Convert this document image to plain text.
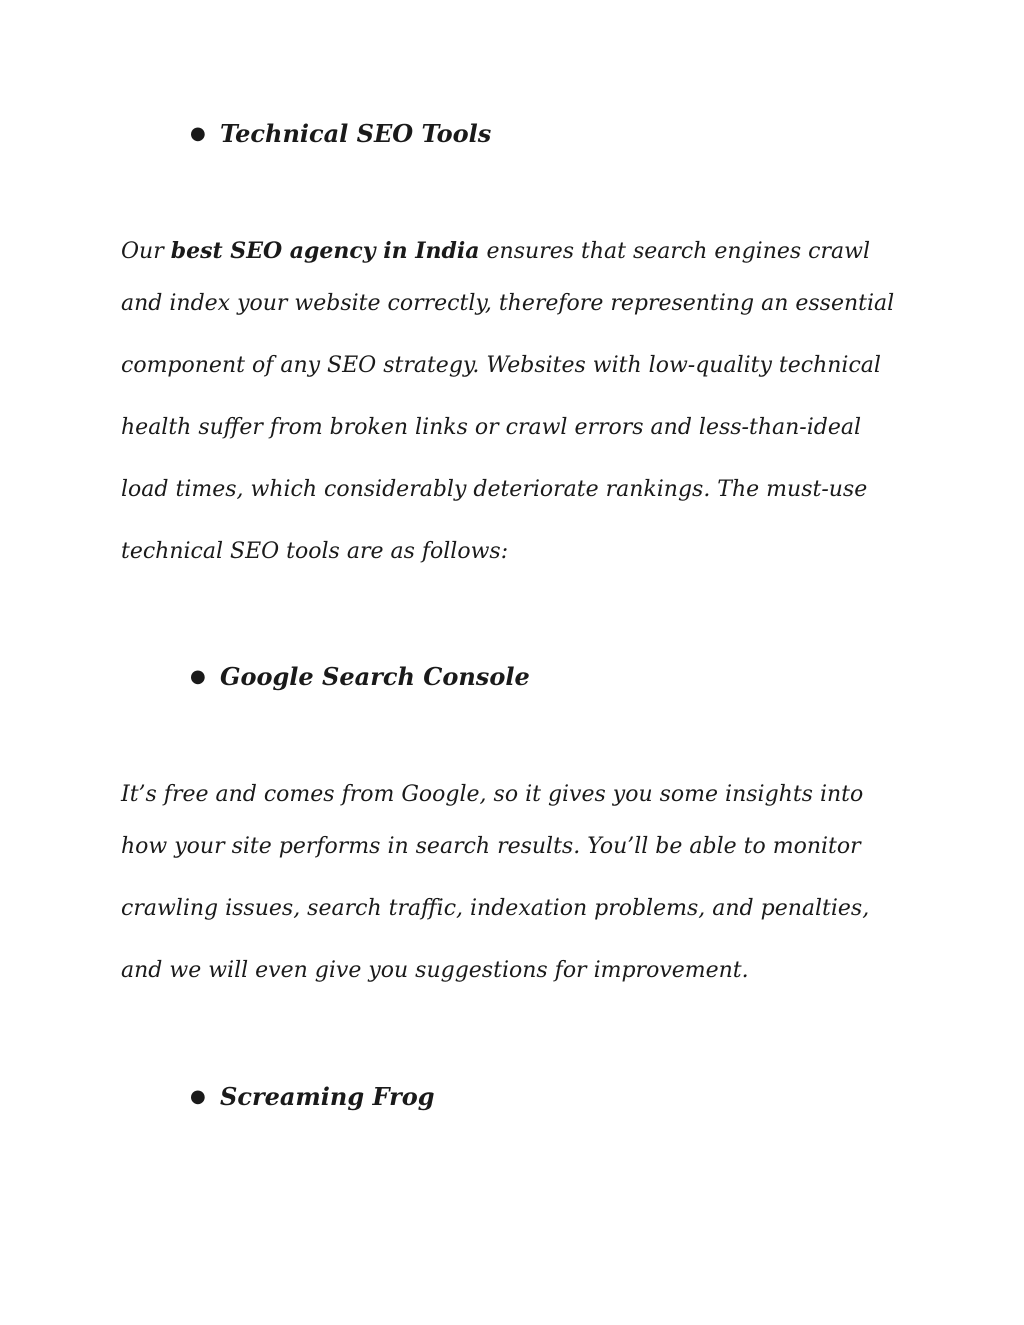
● Technical SEO Tools
Our best SEO agency in India ensures that search engines crawl
and index your website correctly, therefore representing an essential
component of any SEO strategy. Websites with low-quality technical
health suffer from broken links or crawl errors and less-than-ideal
load times, which considerably deteriorate rankings. The must-use
technical SEO tools are as follows:
● Google Search Console
It’s free and comes from Google, so it gives you some insights into
how your site performs in search results. You’ll be able to monitor
crawling issues, search traffic, indexation problems, and penalties,
and we will even give you suggestions for improvement.
● Screaming Frog
